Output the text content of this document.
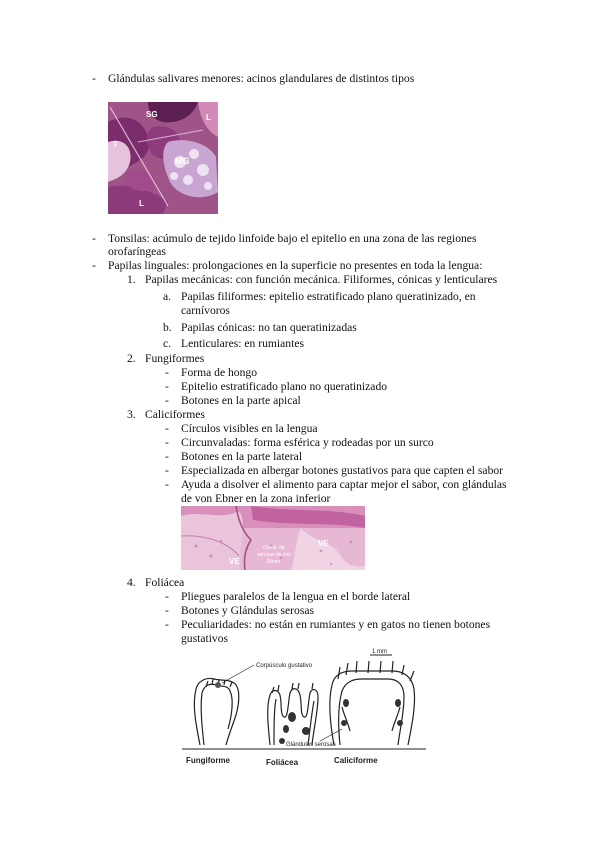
- Glándulas salivares menores: acinos glandulares de distintos tipos
SG	L
T
MG
L
- Tonsilas: acúmulo de tejido linfoide bajo el epitelio en una zona de las regiones
orofaríngeas
- Papilas linguales: prolongaciones en la superficie no presentes en toda la lengua:
1. Papilas mecánicas: con función mecánica. Filiformes, cónicas y lenticulares
a. Papilas filiformes: epitelio estratificado plano queratinizado, en
carnívoros
b. Papilas cónicas: no tan queratinizadas
c. Lenticulares: en rumiantes
2. Fungiformes
- Forma de hongo
- Epitelio estratificado plano no queratinizado
- Botones en la parte apical
3. Caliciformes
- Círculos visibles en la lengua
- Circunvaladas: forma esférica y rodeadas por un surco
- Botones en la parte lateral
- Especializada en albergar botones gustativos para que capten el sabor
- Ayuda a disolver el alimento para captar mejor el sabor, con glándulas
de von Ebner en la zona inferior
VE
VE
Glánd. de
serosas de von
Ebner
4. Foliácea
- Pliegues paralelos de la lengua en el borde lateral
- Botones y Glándulas serosas
- Peculiaridades: no están en rumiantes y en gatos no tienen botones
gustativos
1 mm
Corpúsculo gustativo
Glándulas serosas
Fungiforme	Foliácea	Caliciforme
